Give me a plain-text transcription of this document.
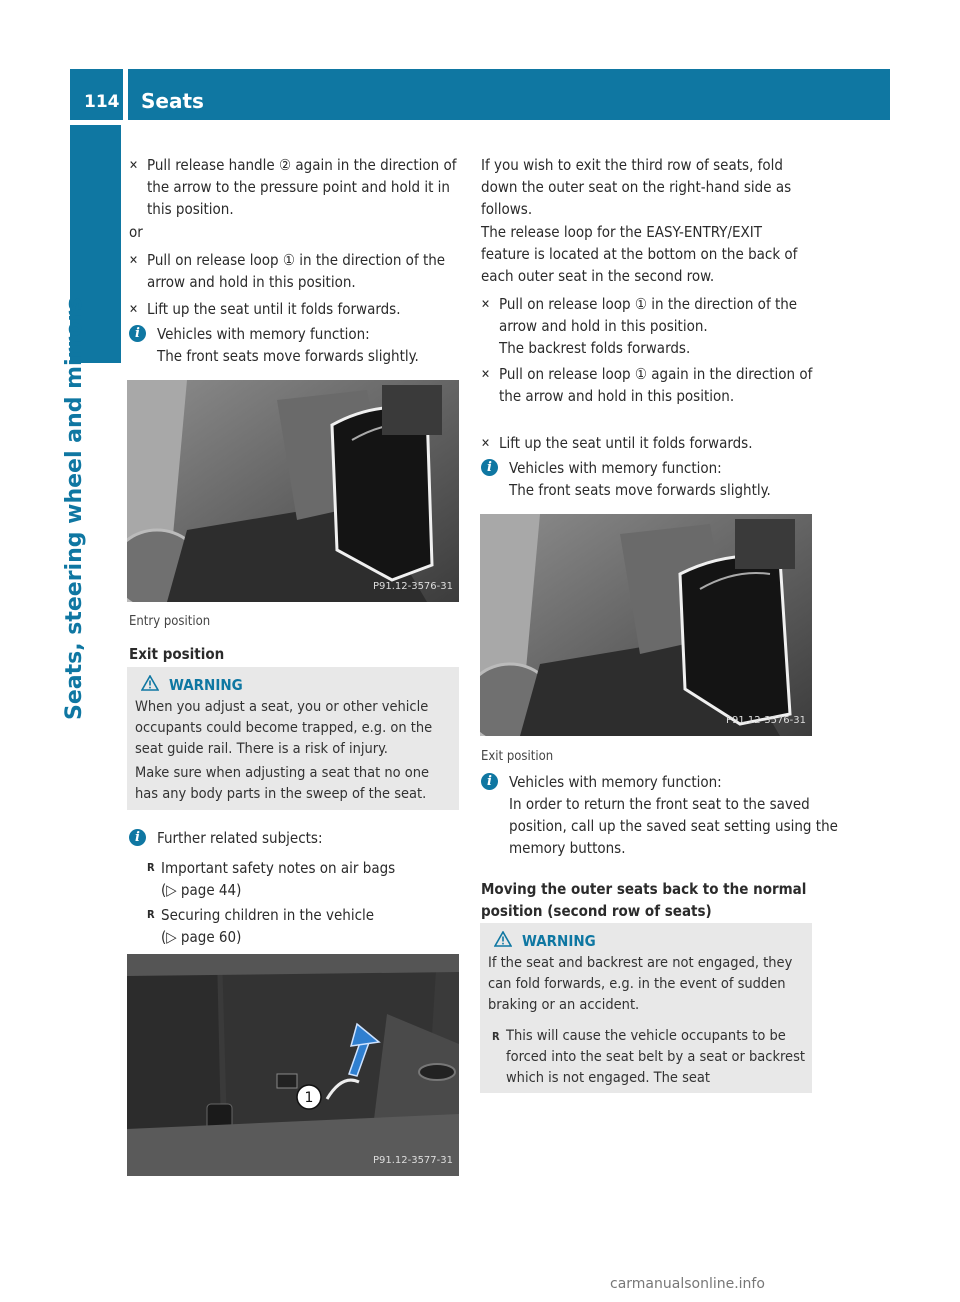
114 Seats
Seats, steering wheel and mirrors
✕ Pull release handle ② again in the direction of the arrow to the pressure point and hold it in this position.
or
✕ Pull on release loop ① in the direction of the arrow and hold in this position.
✕ Lift up the seat until it folds forwards.
i	Vehicles with memory function:
The front seats move forwards slightly.
P91.12-3576-31
Entry position
Exit position
WARNING
When you adjust a seat, you or other vehicle occupants could become trapped, e.g. on the seat guide rail. There is a risk of injury.
Make sure when adjusting a seat that no one has any body parts in the sweep of the seat.
i	Further related subjects:
R Important safety notes on air bags
(▷ page 44)
R Securing children in the vehicle
(▷ page 60)
1
P91.12-3577-31
If you wish to exit the third row of seats, fold down the outer seat on the right-hand side as follows.
The release loop for the EASY-ENTRY/EXIT feature is located at the bottom on the back of each outer seat in the second row.
✕ Pull on release loop ① in the direction of the arrow and hold in this position.
The backrest folds forwards.
✕ Pull on release loop ① again in the direction of the arrow and hold in this position.
✕ Lift up the seat until it folds forwards.
i	Vehicles with memory function:
The front seats move forwards slightly.
P91.12-3576-31
Exit position
i	Vehicles with memory function:
In order to return the front seat to the saved position, call up the saved seat setting using the memory buttons.
Moving the outer seats back to the normal position (second row of seats)
WARNING
If the seat and backrest are not engaged, they can fold forwards, e.g. in the event of sudden braking or an accident.
R This will cause the vehicle occupants to be forced into the seat belt by a seat or backrest which is not engaged. The seat
carmanualsonline.info
